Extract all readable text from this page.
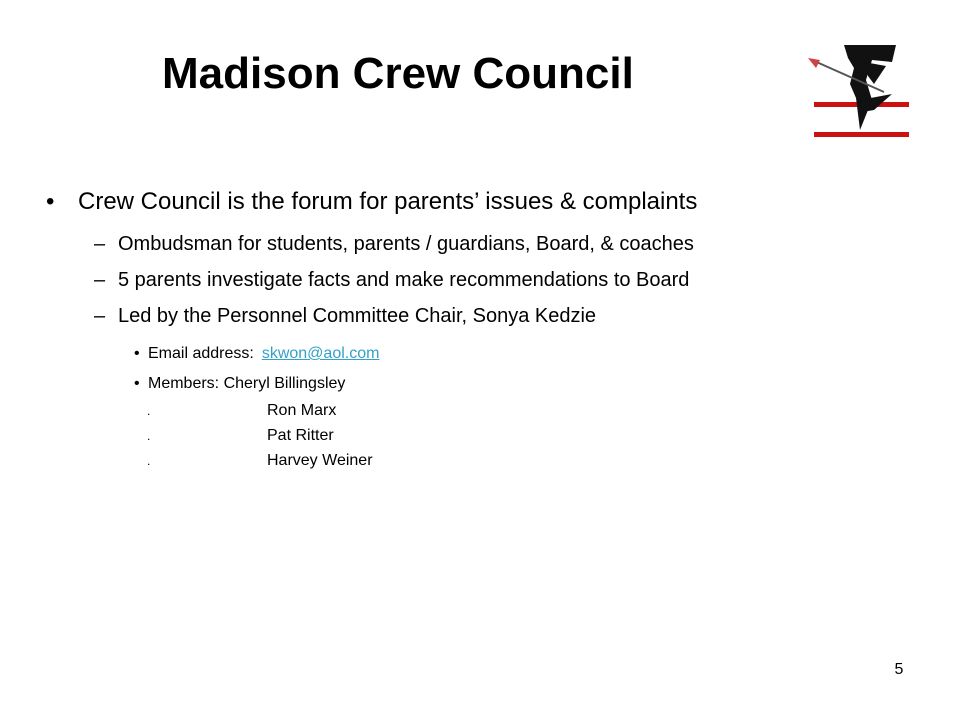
Madison Crew Council
• Crew Council is the forum for parents’ issues & complaints
– Ombudsman for students, parents / guardians, Board, & coaches
– 5 parents investigate facts and make recommendations to Board
– Led by the Personnel Committee Chair, Sonya Kedzie
• Email address: skwon@aol.com
• Members: Cheryl Billingsley
.	Ron Marx
.	Pat Ritter
.	Harvey Weiner
5
